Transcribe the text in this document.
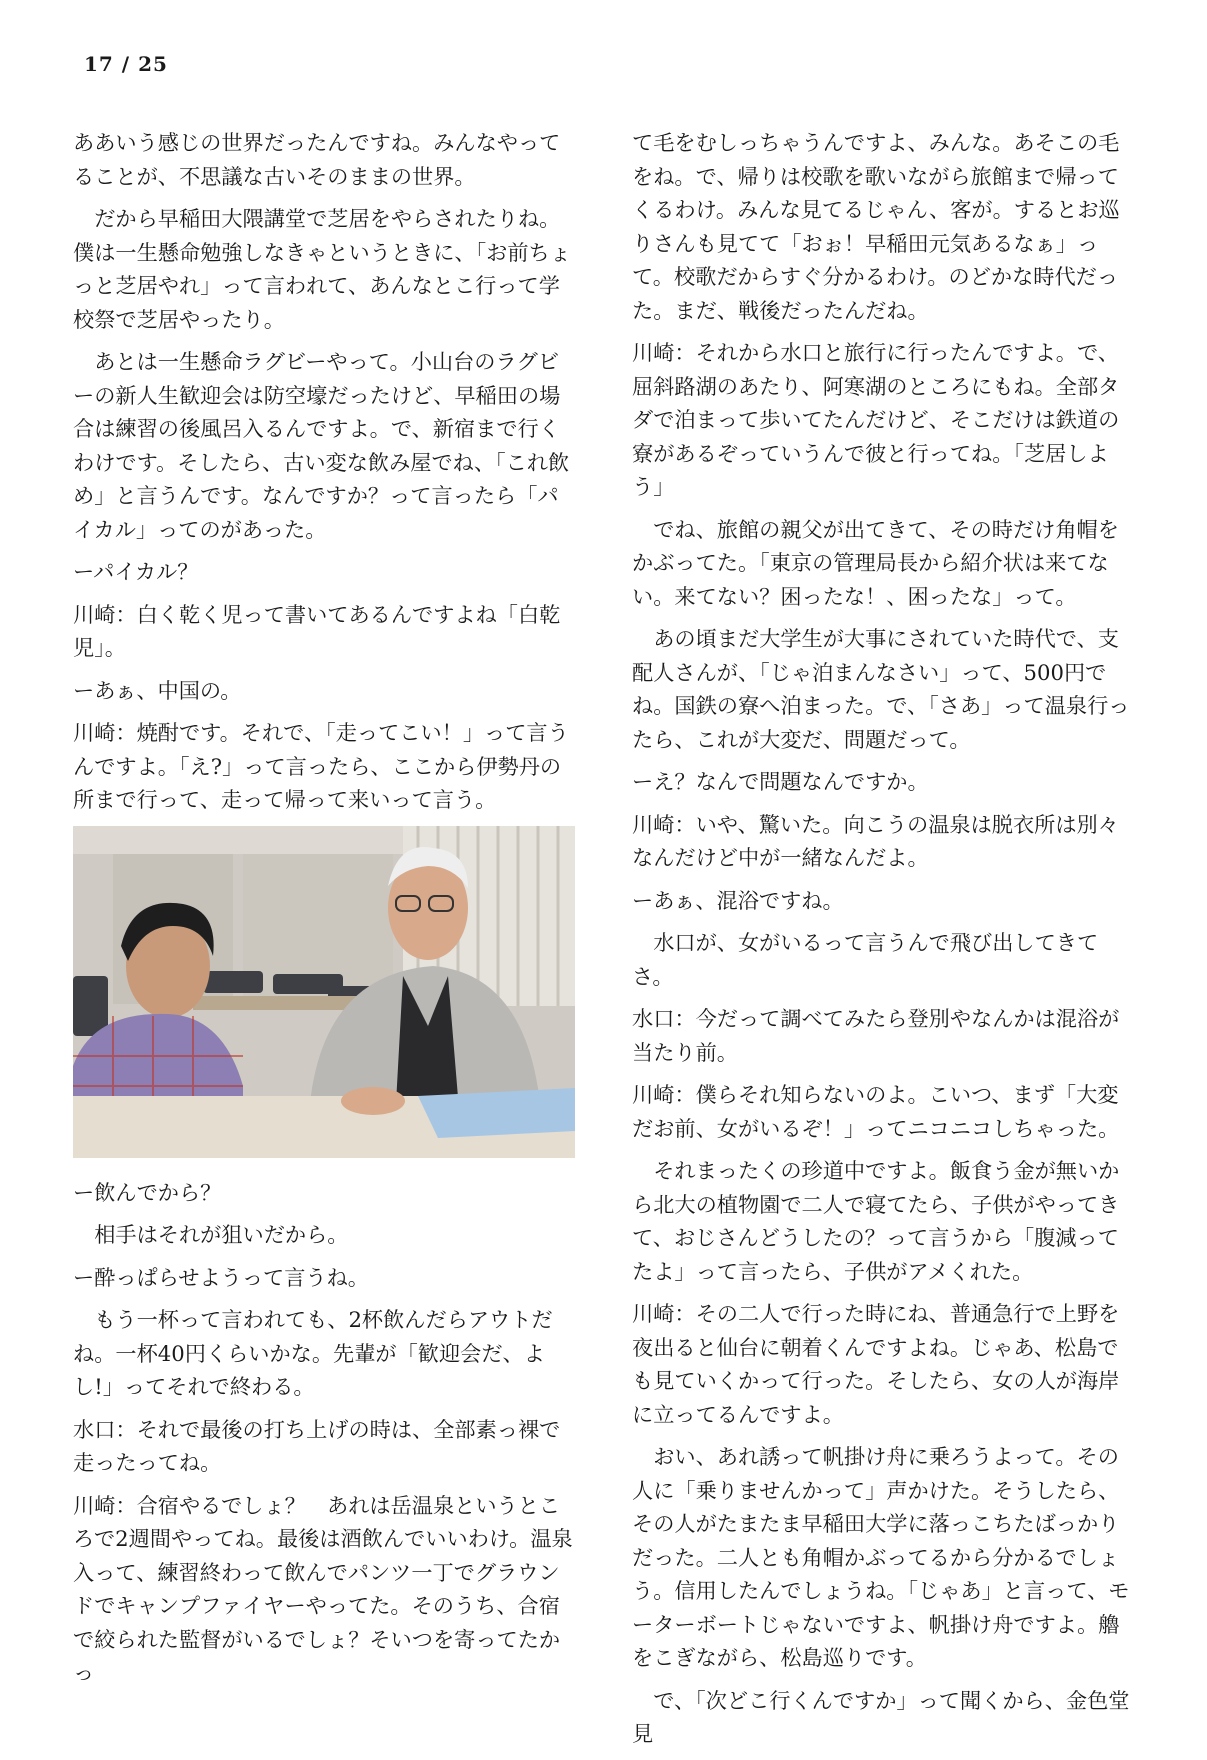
17 / 25

ああいう感じの世界だったんですね。みんなやってることが、不思議な古いそのままの世界。

だから早稲田大隈講堂で芝居をやらされたりね。僕は一生懸命勉強しなきゃというときに、「お前ちょっと芝居やれ」って言われて、あんなとこ行って学校祭で芝居やったり。

あとは一生懸命ラグビーやって。小山台のラグビーの新人生歓迎会は防空壕だったけど、早稲田の場合は練習の後風呂入るんですよ。で、新宿まで行くわけです。そしたら、古い変な飲み屋でね、「これ飲め」と言うんです。なんですか？って言ったら「パイカル」ってのがあった。

ーパイカル？

川崎：白く乾く児って書いてあるんですよね「白乾児」。

ーあぁ、中国の。

川崎：焼酎です。それで、「走ってこい！」って言うんですよ。「え?」って言ったら、ここから伊勢丹の所まで行って、走って帰って来いって言う。

ー飲んでから？

相手はそれが狙いだから。

ー酔っぱらせようって言うね。

もう一杯って言われても、2杯飲んだらアウトだね。一杯40円くらいかな。先輩が「歓迎会だ、よし!」ってそれで終わる。

水口：それで最後の打ち上げの時は、全部素っ裸で走ったってね。

川崎：合宿やるでしょ？　あれは岳温泉というところで2週間やってね。最後は酒飲んでいいわけ。温泉入って、練習終わって飲んでパンツ一丁でグラウンドでキャンプファイヤーやってた。そのうち、合宿で絞られた監督がいるでしょ？そいつを寄ってたかっ

て毛をむしっちゃうんですよ、みんな。あそこの毛をね。で、帰りは校歌を歌いながら旅館まで帰ってくるわけ。みんな見てるじゃん、客が。するとお巡りさんも見てて「おぉ！早稲田元気あるなぁ」って。校歌だからすぐ分かるわけ。のどかな時代だった。まだ、戦後だったんだね。

川崎：それから水口と旅行に行ったんですよ。で、屈斜路湖のあたり、阿寒湖のところにもね。全部タダで泊まって歩いてたんだけど、そこだけは鉄道の寮があるぞっていうんで彼と行ってね。「芝居しよう」

でね、旅館の親父が出てきて、その時だけ角帽をかぶってた。「東京の管理局長から紹介状は来てない。来てない？困ったな！、困ったな」って。

あの頃まだ大学生が大事にされていた時代で、支配人さんが、「じゃ泊まんなさい」って、500円でね。国鉄の寮へ泊まった。で、「さあ」って温泉行ったら、これが大変だ、問題だって。

ーえ？なんで問題なんですか。

川崎：いや、驚いた。向こうの温泉は脱衣所は別々なんだけど中が一緒なんだよ。

ーあぁ、混浴ですね。

水口が、女がいるって言うんで飛び出してきてさ。

水口：今だって調べてみたら登別やなんかは混浴が当たり前。

川崎：僕らそれ知らないのよ。こいつ、まず「大変だお前、女がいるぞ！」ってニコニコしちゃった。

それまったくの珍道中ですよ。飯食う金が無いから北大の植物園で二人で寝てたら、子供がやってきて、おじさんどうしたの？って言うから「腹減ってたよ」って言ったら、子供がアメくれた。

川崎：その二人で行った時にね、普通急行で上野を夜出ると仙台に朝着くんですよね。じゃあ、松島でも見ていくかって行った。そしたら、女の人が海岸に立ってるんですよ。

おい、あれ誘って帆掛け舟に乗ろうよって。その人に「乗りませんかって」声かけた。そうしたら、その人がたまたま早稲田大学に落っこちたばっかりだった。二人とも角帽かぶってるから分かるでしょう。信用したんでしょうね。「じゃあ」と言って、モーターボートじゃないですよ、帆掛け舟ですよ。艪をこぎながら、松島巡りです。

で、「次どこ行くんですか」って聞くから、金色堂見
